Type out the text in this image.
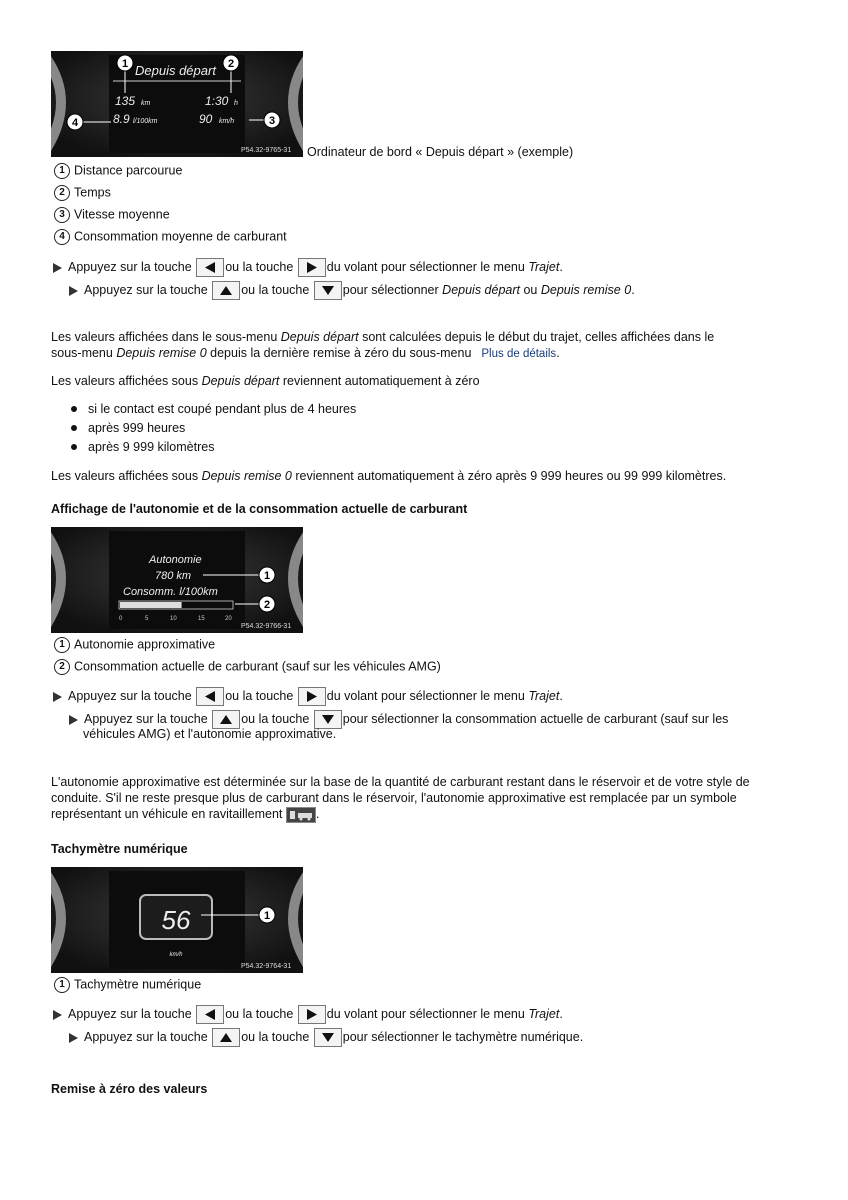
Depuis départ
135 km	1:30 h
8.9 l/100km	90 km/h
1	2
3
4
P54.32-9765-31 Ordinateur de bord « Depuis départ » (exemple)
1 Distance parcourue
2 Temps
3 Vitesse moyenne
4 Consommation moyenne de carburant
Appuyez sur la touche	ou la touche	du volant pour sélectionner le menu Trajet.
Appuyez sur la touche	ou la touche	pour sélectionner Depuis départ ou Depuis remise 0.
Les valeurs affichées dans le sous-menu Depuis départ sont calculées depuis le début du trajet, celles affichées dans le
sous-menu Depuis remise 0 depuis la dernière remise à zéro du sous-menu Plus de détails.
Les valeurs affichées sous Depuis départ reviennent automatiquement à zéro
si le contact est coupé pendant plus de 4 heures
après 999 heures
après 9 999 kilomètres
Les valeurs affichées sous Depuis remise 0 reviennent automatiquement à zéro après 9 999 heures ou 99 999 kilomètres.
Affichage de l'autonomie et de la consommation actuelle de carburant
Autonomie
780 km
Consomm. l/100km
0	5	10	15	20
1
2
P54.32-9766-31
1 Autonomie approximative
2 Consommation actuelle de carburant (sauf sur les véhicules AMG)
Appuyez sur la touche	ou la touche	du volant pour sélectionner le menu Trajet.
Appuyez sur la touche	ou la touche	pour sélectionner la consommation actuelle de carburant (sauf sur les
véhicules AMG) et l'autonomie approximative.
L'autonomie approximative est déterminée sur la base de la quantité de carburant restant dans le réservoir et de votre style de
conduite. S'il ne reste presque plus de carburant dans le réservoir, l'autonomie approximative est remplacée par un symbole
représentant un véhicule en ravitaillement	.
Tachymètre numérique
56
km/h
1
P54.32-9764-31
1 Tachymètre numérique
Appuyez sur la touche	ou la touche	du volant pour sélectionner le menu Trajet.
Appuyez sur la touche	ou la touche	pour sélectionner le tachymètre numérique.
Remise à zéro des valeurs
